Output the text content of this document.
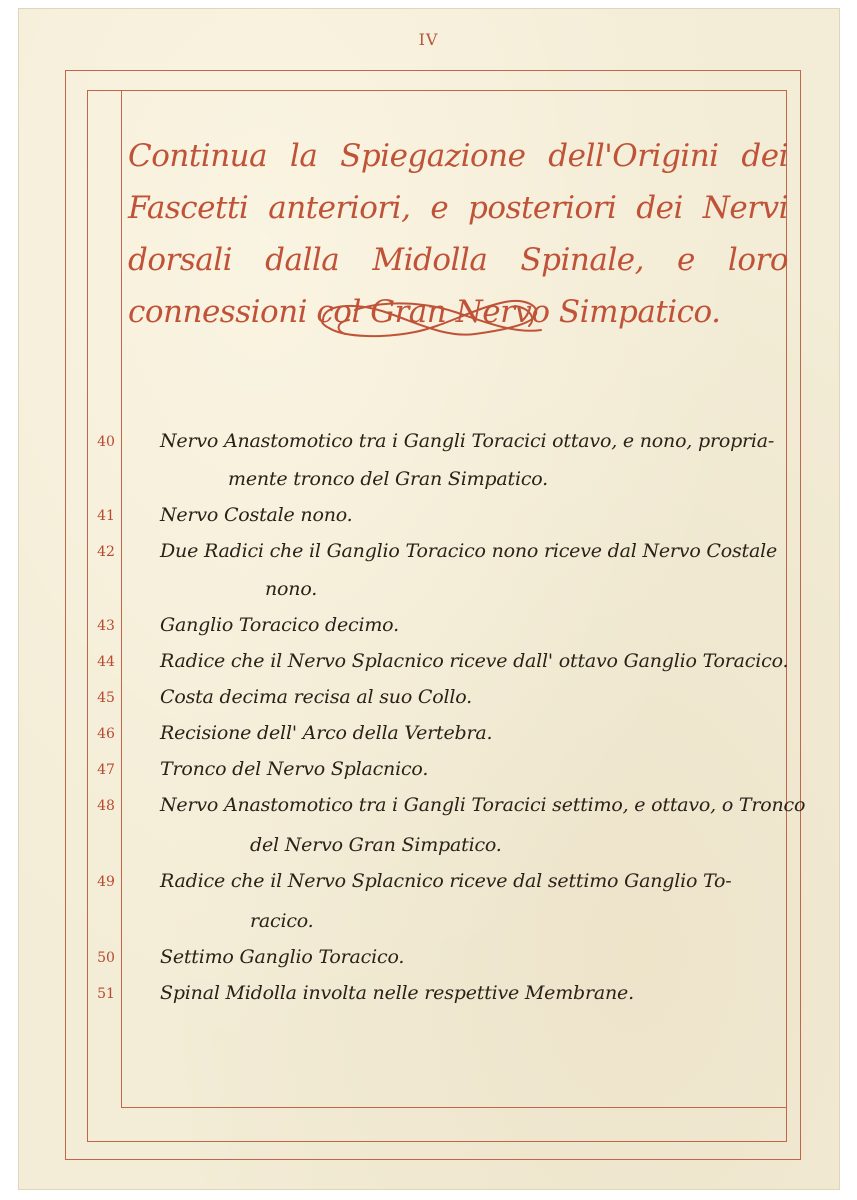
IV
Continua la Spiegazione dell'Origini dei Fascetti anteriori, e posteriori dei Nervi dorsali dalla Midolla Spinale, e loro connessioni col Gran Nervo Simpatico.
40	Nervo Anastomotico tra i Gangli Toracici ottavo, e nono, propria-
mente tronco del Gran Simpatico.
41	Nervo Costale nono.
42	Due Radici che il Ganglio Toracico nono riceve dal Nervo Costale
nono.
43	Ganglio Toracico decimo.
44	Radice che il Nervo Splacnico riceve dall' ottavo Ganglio Toracico.
45	Costa decima recisa al suo Collo.
46	Recisione dell' Arco della Vertebra.
47	Tronco del Nervo Splacnico.
48	Nervo Anastomotico tra i Gangli Toracici settimo, e ottavo, o Tronco
del Nervo Gran Simpatico.
49	Radice che il Nervo Splacnico riceve dal settimo Ganglio To-
racico.
50	Settimo Ganglio Toracico.
51	Spinal Midolla involta nelle respettive Membrane.
